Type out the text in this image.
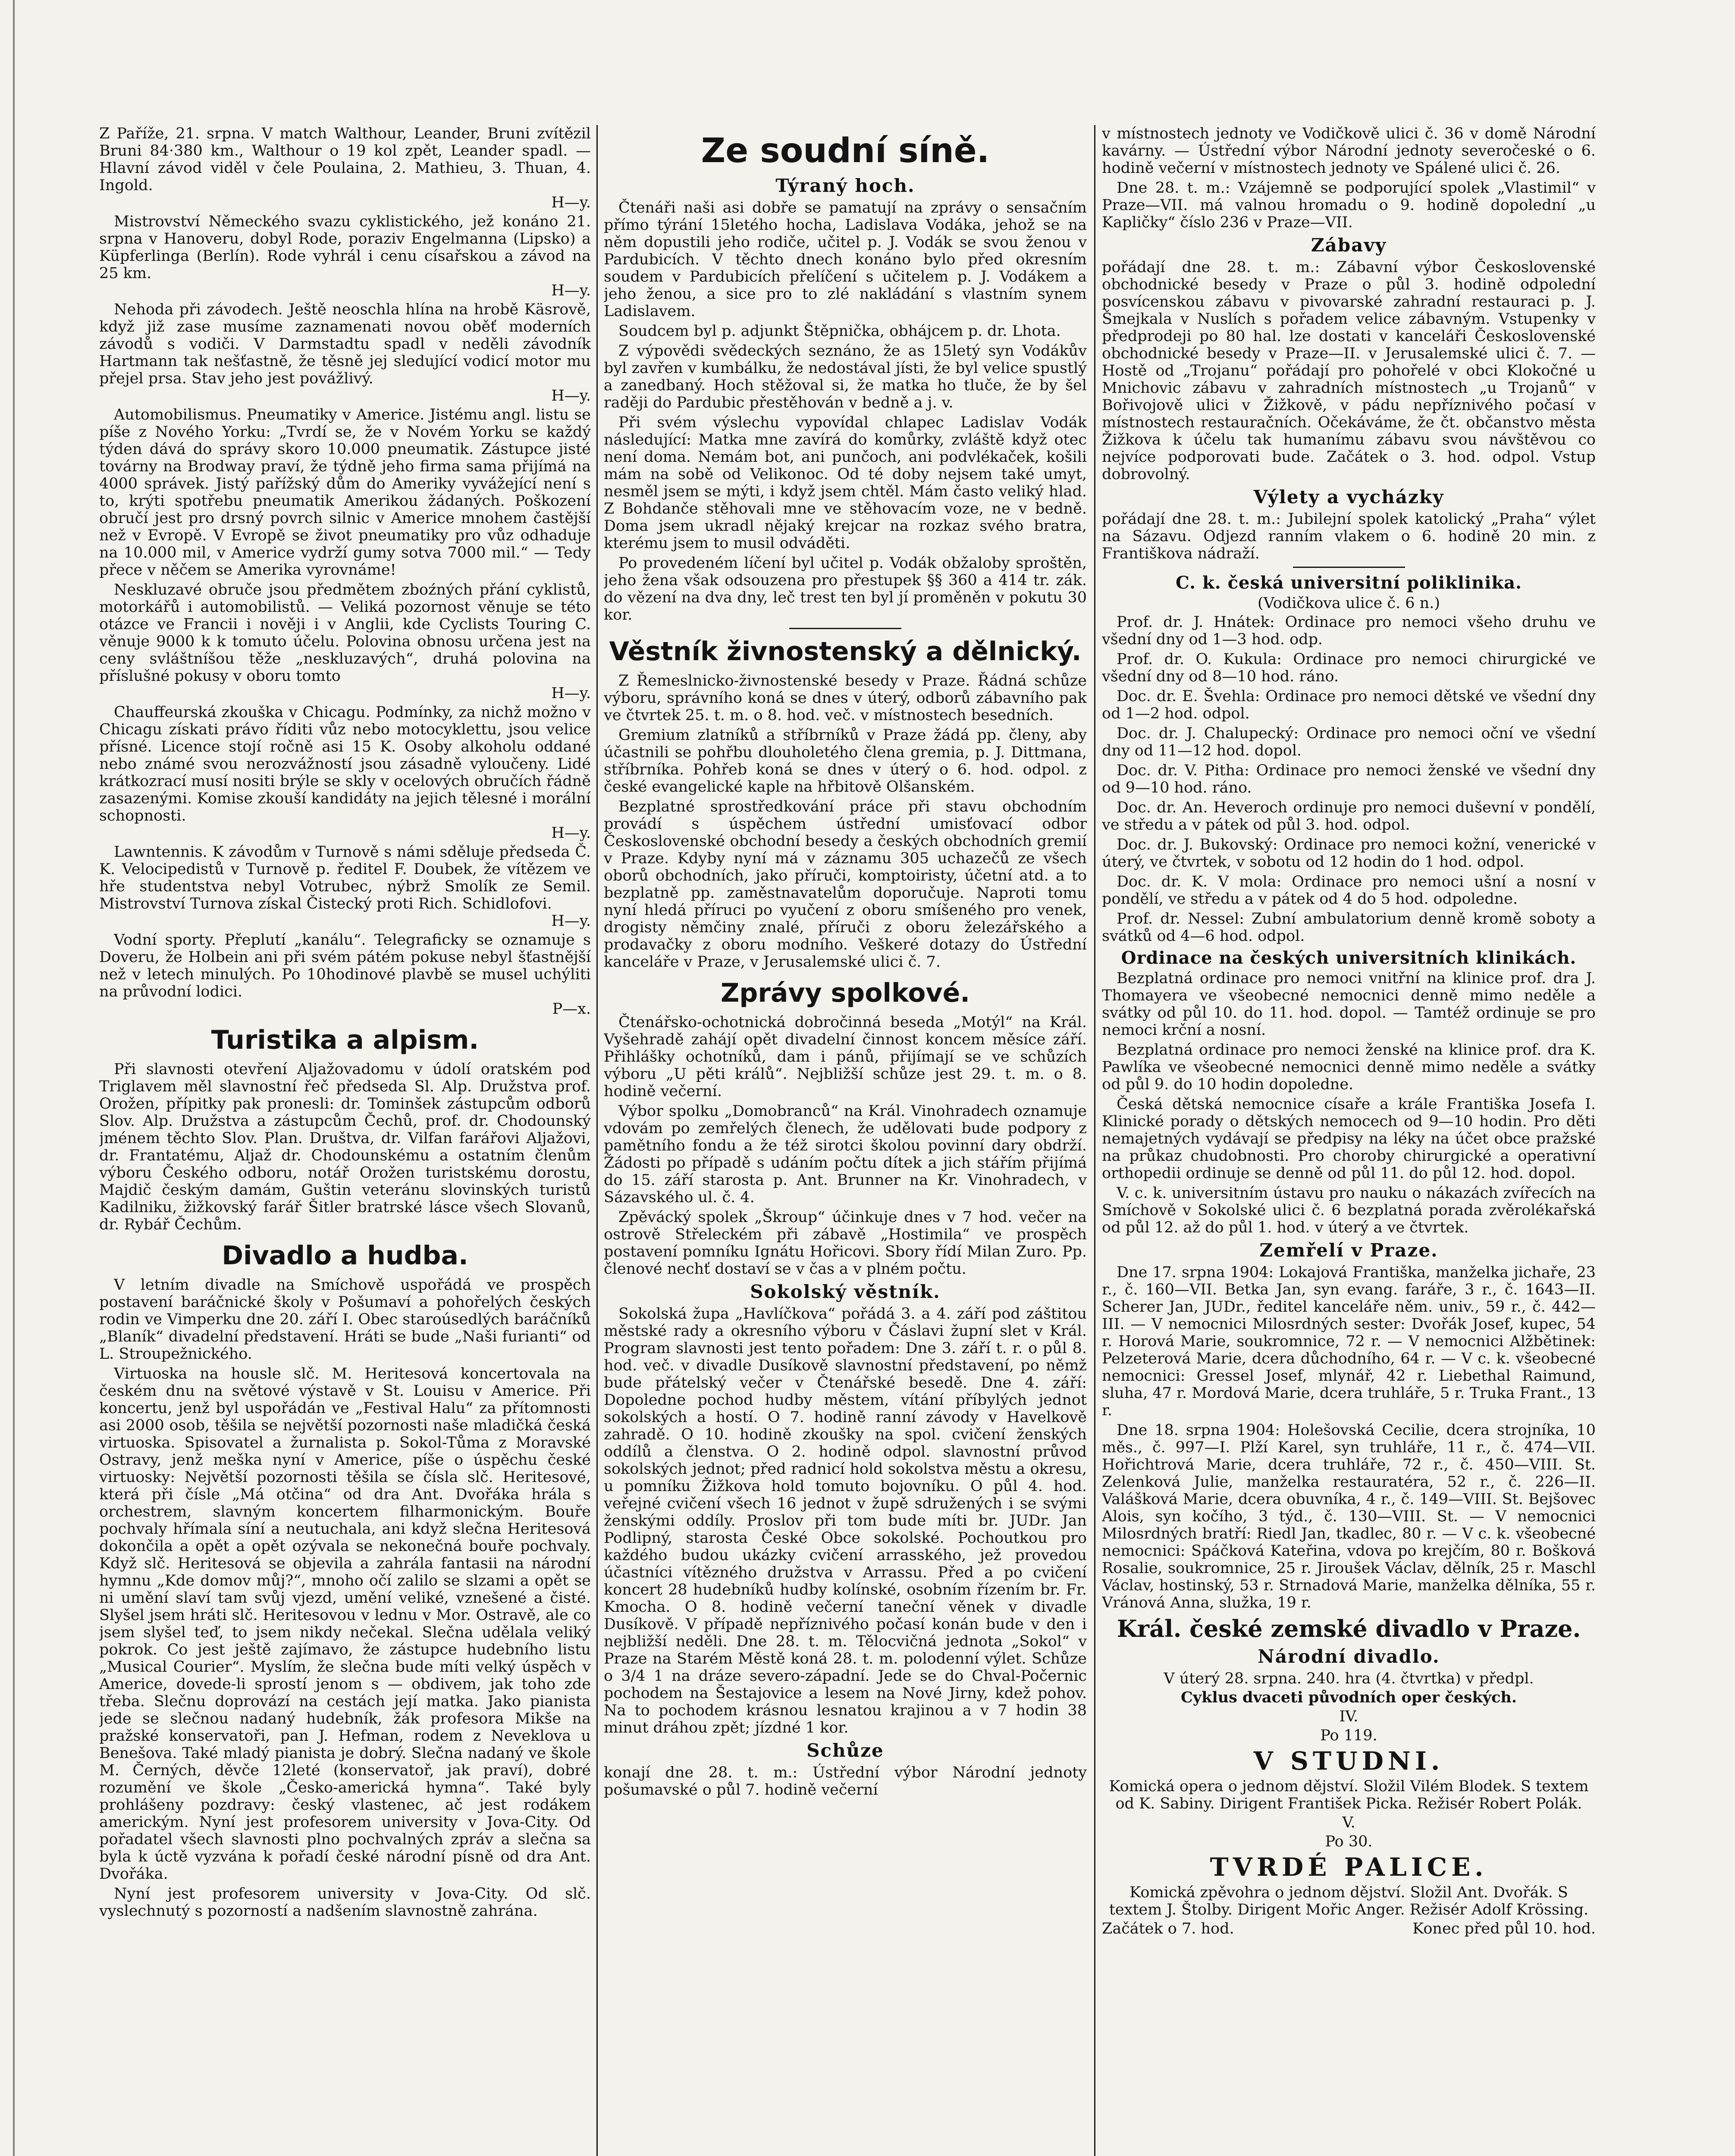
Z Paříže, 21. srpna. V match Walthour, Leander, Bruni zvítězil Bruni 84·380 km., Walthour o 19 kol zpět, Leander spadl. — Hlavní závod viděl v čele Poulaina, 2. Mathieu, 3. Thuan, 4. Ingold.

H—y.

Mistrovství Německého svazu cyklistického, jež konáno 21. srpna v Hanoveru, dobyl Rode, poraziv Engelmanna (Lipsko) a Küpferlinga (Berlín). Rode vyhrál i cenu císařskou a závod na 25 km.

H—y.

Nehoda při závodech. Ještě neoschla hlína na hrobě Käsrově, když již zase musíme zaznamenati novou oběť moderních závodů s vodiči. V Darmstadtu spadl v neděli závodník Hartmann tak nešťastně, že těsně jej sledující vodicí motor mu přejel prsa. Stav jeho jest povážlivý.

H—y.

Automobilismus. Pneumatiky v Americe. Jistému angl. listu se píše z Nového Yorku: „Tvrdí se, že v Novém Yorku se každý týden dává do správy skoro 10.000 pneumatik. Zástupce jisté továrny na Brodway praví, že týdně jeho firma sama přijímá na 4000 správek. Jistý pařížský dům do Ameriky vyvážející není s to, krýti spotřebu pneumatik Amerikou žádaných. Poškození obručí jest pro drsný povrch silnic v Americe mnohem častější než v Evropě. V Evropě se život pneumatiky pro vůz odhaduje na 10.000 mil, v Americe vydrží gumy sotva 7000 mil.“ — Tedy přece v něčem se Amerika vyrovnáme!

Neskluzavé obruče jsou předmětem zboźných přání cyklistů, motorkářů i automobilistů. — Veliká pozornost věnuje se této otázce ve Francii i nověji i v Anglii, kde Cyclists Touring C. věnuje 9000 k k tomuto účelu. Polovina obnosu určena jest na ceny svláštníšou těže „neskluzavých“, druhá polovina na příslušné pokusy v oboru tomto

H—y.

Chauffeurská zkouška v Chicagu. Podmínky, za nichž možno v Chicagu získati právo říditi vůz nebo motocyklettu, jsou velice přísné. Licence stojí ročně asi 15 K. Osoby alkoholu oddané nebo známé svou nerozvážností jsou zásadně vyloučeny. Lidé krátkozrací musí nositi brýle se skly v ocelových obručích řádně zasazenými. Komise zkouší kandidáty na jejich tělesné i morální schopnosti.

H—y.

Lawntennis. K závodům v Turnově s námi sděluje předseda Č. K. Velocipedistů v Turnově p. ředitel F. Doubek, že vítězem ve hře studentstva nebyl Votrubec, nýbrž Smolík ze Semil. Mistrovství Turnova získal Čistecký proti Rich. Schidlofovi.

H—y.

Vodní sporty. Přeplutí „kanálu“. Telegraficky se oznamuje s Doveru, že Holbein ani při svém pátém pokuse nebyl šťastnější než v letech minulých. Po 10hodinové plavbě se musel uchýliti na průvodní lodici.

P—x.

Turistika a alpism.

Při slavnosti otevření Aljažovadomu v údolí oratském pod Triglavem měl slavnostní řeč předseda Sl. Alp. Družstva prof. Orožen, přípitky pak pronesli: dr. Tominšek zástupcům odborů Slov. Alp. Družstva a zástupcům Čechů, prof. dr. Chodounský jménem těchto Slov. Plan. Društva, dr. Vilfan farářovi Aljažovi, dr. Frantatému, Aljaž dr. Chodounskému a ostatním členům výboru Českého odboru, notář Orožen turistskému dorostu, Majdič českým damám, Guštin veteránu slovinských turistů Kadilniku, žižkovský farář Šitler bratrské lásce všech Slovanů, dr. Rybář Čechům.

Divadlo a hudba.

V letním divadle na Smíchově uspořádá ve prospěch postavení baráčnické školy v Pošumaví a pohořelých českých rodin ve Vimperku dne 20. září I. Obec staroúsedlých baráčníků „Blaník“ divadelní představení. Hráti se bude „Naši furianti“ od L. Stroupežnického.

Virtuoska na housle slč. M. Heritesová koncertovala na českém dnu na světové výstavě v St. Louisu v Americe. Při koncertu, jenž byl uspořádán ve „Festival Halu“ za přítomnosti asi 2000 osob, těšila se největší pozornosti naše mladičká česká virtuoska. Spisovatel a žurnalista p. Sokol-Tůma z Moravské Ostravy, jenž meška nyní v Americe, píše o úspěchu české virtuosky: Největší pozornosti těšila se čísla slč. Heritesové, která při čísle „Má otčina“ od dra Ant. Dvořáka hrála s orchestrem, slavným koncertem filharmonickým. Bouře pochvaly hřímala síní a neutuchala, ani když slečna Heritesová dokončila a opět a opět ozývala se nekonečná bouře pochvaly. Když slč. Heritesová se objevila a zahrála fantasii na národní hymnu „Kde domov můj?“, mnoho očí zalilo se slzami a opět se ni umění slaví tam svůj vjezd, umění veliké, vznešené a čisté. Slyšel jsem hráti slč. Heritesovou v lednu v Mor. Ostravě, ale co jsem slyšel teď, to jsem nikdy nečekal. Slečna udělala veliký pokrok. Co jest ještě zajímavo, že zástupce hudebního listu „Musical Courier“. Myslím, že slečna bude míti velký úspěch v Americe, dovede-li sprostí jenom s — obdivem, jak toho zde třeba. Slečnu doprovází na cestách její matka. Jako pianista jede se slečnou nadaný hudebník, žák profesora Mikše na pražské konservatoři, pan J. Hefman, rodem z Neveklova u Benešova. Také mladý pianista je dobrý. Slečna nadaný ve škole M. Černých, děvče 12leté (konservatoř, jak praví), dobré rozumění ve škole „Česko-americká hymna“. Také byly prohlášeny pozdravy: český vlastenec, ač jest rodákem americkým. Nyní jest profesorem university v Jova-City. Od pořadatel všech slavnosti plno pochvalných zpráv a slečna sa byla k úctě vyzvána k pořadí české národní písně od dra Ant. Dvořáka.

Nyní jest profesorem university v Jova-City. Od slč. vyslechnutý s pozorností a nadšením slavnostně zahrána.

Ze soudní síně.
Týraný hoch.

Čtenáři naši asi dobře se pamatují na zprávy o sensačním přímo týrání 15letého hocha, Ladislava Vodáka, jehož se na něm dopustili jeho rodiče, učitel p. J. Vodák se svou ženou v Pardubicích. V těchto dnech konáno bylo před okresním soudem v Pardubicích přelíčení s učitelem p. J. Vodákem a jeho ženou, a sice pro to zlé nakládání s vlastním synem Ladislavem.

Soudcem byl p. adjunkt Štěpnička, obhájcem p. dr. Lhota.

Z výpovědi svědeckých seznáno, že as 15letý syn Vodákův byl zavřen v kumbálku, že nedostával jísti, že byl velice spustlý a zanedbaný. Hoch stěžoval si, že matka ho tluče, že by šel raději do Pardubic přestěhován v bedně a j. v.

Při svém výslechu vypovídal chlapec Ladislav Vodák následující: Matka mne zavírá do komůrky, zvláště když otec není doma. Nemám bot, ani punčoch, ani podvlékaček, košili mám na sobě od Velikonoc. Od té doby nejsem také umyt, nesměl jsem se mýti, i když jsem chtěl. Mám často veliký hlad. Z Bohdanče stěhovali mne ve stěhovacím voze, ne v bedně. Doma jsem ukradl nějaký krejcar na rozkaz svého bratra, kterému jsem to musil odváděti.

Po provedeném líčení byl učitel p. Vodák obžaloby sproštěn, jeho žena však odsouzena pro přestupek §§ 360 a 414 tr. zák. do vězení na dva dny, leč trest ten byl jí proměněn v pokutu 30 kor.

Věstník živnostenský a dělnický.

Z Řemeslnicko-živnostenské besedy v Praze. Řádná schůze výboru, správního koná se dnes v úterý, odborů zábavního pak ve čtvrtek 25. t. m. o 8. hod. več. v místnostech besedních.

Gremium zlatníků a stříbrníků v Praze žádá pp. členy, aby účastnili se pohřbu dlouholetého člena gremia, p. J. Dittmana, stříbrníka. Pohřeb koná se dnes v úterý o 6. hod. odpol. z české evangelické kaple na hřbitově Olšanském.

Bezplatné sprostředkování práce při stavu obchodním provádí s úspěchem ústřední umisťovací odbor Československé obchodní besedy a českých obchodních gremií v Praze. Kdyby nyní má v záznamu 305 uchazečů ze všech oborů obchodních, jako příruči, komptoiristy, účetní atd. a to bezplatně pp. zaměstnavatelům doporučuje. Naproti tomu nyní hledá příruci po vyučení z oboru smíšeného pro venek, drogisty němčiny znalé, příruči z oboru železářského a prodavačky z oboru modního. Veškeré dotazy do Ústřední kanceláře v Praze, v Jerusalemské ulici č. 7.

Zprávy spolkové.

Čtenářsko-ochotnická dobročinná beseda „Motýl“ na Král. Vyšehradě zahájí opět divadelní činnost koncem měsíce září. Přihlášky ochotníků, dam i pánů, přijímají se ve schůzích výboru „U pěti králů“. Nejbližší schůze jest 29. t. m. o 8. hodině večerní.

Výbor spolku „Domobranců“ na Král. Vinohradech oznamuje vdovám po zemřelých členech, že udělovati bude podpory z pamětního fondu a že též sirotci školou povinní dary obdrží. Žádosti po případě s udáním počtu dítek a jich stářím přijímá do 15. září starosta p. Ant. Brunner na Kr. Vinohradech, v Sázavského ul. č. 4.

Zpěvácký spolek „Škroup“ účinkuje dnes v 7 hod. večer na ostrově Střeleckém při zábavě „Hostimila“ ve prospěch postavení pomníku Ignátu Hořicovi. Sbory řídí Milan Zuro. Pp. členové nechť dostaví se v čas a v plném počtu.

Sokolský věstník.

Sokolská župa „Havlíčkova“ pořádá 3. a 4. září pod záštitou městské rady a okresního výboru v Čáslavi župní slet v Král. Program slavnosti jest tento pořadem: Dne 3. září t. r. o půl 8. hod. več. v divadle Dusíkově slavnostní představení, po němž bude přátelský večer v Čtenářské besedě. Dne 4. září: Dopoledne pochod hudby městem, vítání příbylých jednot sokolských a hostí. O 7. hodině ranní závody v Havelkově zahradě. O 10. hodině zkoušky na spol. cvičení ženských oddílů a členstva. O 2. hodině odpol. slavnostní průvod sokolských jednot; před radnicí hold sokolstva městu a okresu, u pomníku Žižkova hold tomuto bojovníku. O půl 4. hod. veřejné cvičení všech 16 jednot v župě sdružených i se svými ženskými oddíly. Proslov při tom bude míti br. JUDr. Jan Podlipný, starosta České Obce sokolské. Pochoutkou pro každého budou ukázky cvičení arrasského, jež provedou účastníci vítězného družstva v Arrassu. Před a po cvičení koncert 28 hudebníků hudby kolínské, osobním řízením br. Fr. Kmocha. O 8. hodině večerní taneční věnek v divadle Dusíkově. V případě nepříznivého počasí konán bude v den i nejbližší neděli. Dne 28. t. m. Tělocvičná jednota „Sokol“ v Praze na Starém Městě koná 28. t. m. polodenní výlet. Schůze o 3/4 1 na dráze severo-západní. Jede se do Chval-Počernic pochodem na Šestajovice a lesem na Nové Jirny, kdež pohov. Na to pochodem krásnou lesnatou krajinou a v 7 hodin 38 minut dráhou zpět; jízdné 1 kor.

Schůze

konají dne 28. t. m.: Ústřední výbor Národní jednoty pošumavské o půl 7. hodině večerní

v místnostech jednoty ve Vodičkově ulici č. 36 v domě Národní kavárny. — Ústřední výbor Národní jednoty severočeské o 6. hodině večerní v místnostech jednoty ve Spálené ulici č. 26.

Dne 28. t. m.: Vzájemně se podporující spolek „Vlastimil“ v Praze—VII. má valnou hromadu o 9. hodině dopolední „u Kapličky“ číslo 236 v Praze—VII.

Zábavy

pořádají dne 28. t. m.: Zábavní výbor Československé obchodnické besedy v Praze o půl 3. hodině odpolední posvícenskou zábavu v pivovarské zahradní restauraci p. J. Šmejkala v Nuslích s pořadem velice zábavným. Vstupenky v předprodeji po 80 hal. lze dostati v kanceláři Československé obchodnické besedy v Praze—II. v Jerusalemské ulici č. 7. — Hostě od „Trojanu“ pořádají pro pohořelé v obci Klokočné u Mnichovic zábavu v zahradních místnostech „u Trojanů“ v Bořivojově ulici v Žižkově, v pádu nepříznivého počasí v místnostech restauračních. Očekáváme, že čt. občanstvo města Žižkova k účelu tak humanímu zábavu svou návštěvou co nejvíce podporovati bude. Začátek o 3. hod. odpol. Vstup dobrovolný.

Výlety a vycházky

pořádají dne 28. t. m.: Jubilejní spolek katolický „Praha“ výlet na Sázavu. Odjezd ranním vlakem o 6. hodině 20 min. z Františkova nádraží.

C. k. česká universitní poliklinika.

(Vodičkova ulice č. 6 n.)

Prof. dr. J. Hnátek: Ordinace pro nemoci všeho druhu ve všední dny od 1—3 hod. odp.

Prof. dr. O. Kukula: Ordinace pro nemoci chirurgické ve všední dny od 8—10 hod. ráno.

Doc. dr. E. Švehla: Ordinace pro nemoci dětské ve všední dny od 1—2 hod. odpol.

Doc. dr. J. Chalupecký: Ordinace pro nemoci oční ve všední dny od 11—12 hod. dopol.

Doc. dr. V. Pitha: Ordinace pro nemoci ženské ve všední dny od 9—10 hod. ráno.

Doc. dr. An. Heveroch ordinuje pro nemoci duševní v pondělí, ve středu a v pátek od půl 3. hod. odpol.

Doc. dr. J. Bukovský: Ordinace pro nemoci kožní, venerické v úterý, ve čtvrtek, v sobotu od 12 hodin do 1 hod. odpol.

Doc. dr. K. V mola: Ordinace pro nemoci ušní a nosní v pondělí, ve středu a v pátek od 4 do 5 hod. odpoledne.

Prof. dr. Nessel: Zubní ambulatorium denně kromě soboty a svátků od 4—6 hod. odpol.

Ordinace na českých universitních klinikách.

Bezplatná ordinace pro nemoci vnitřní na klinice prof. dra J. Thomayera ve všeobecné nemocnici denně mimo neděle a svátky od půl 10. do 11. hod. dopol. — Tamtéž ordinuje se pro nemoci krční a nosní.

Bezplatná ordinace pro nemoci ženské na klinice prof. dra K. Pawlíka ve všeobecné nemocnici denně mimo neděle a svátky od půl 9. do 10 hodin dopoledne.

Česká dětská nemocnice císaře a krále Františka Josefa I. Klinické porady o dětských nemocech od 9—10 hodin. Pro děti nemajetných vydávají se předpisy na léky na účet obce pražské na průkaz chudobnosti. Pro choroby chirurgické a operativní orthopedii ordinuje se denně od půl 11. do půl 12. hod. dopol.

V. c. k. universitním ústavu pro nauku o nákazách zvířecích na Smíchově v Sokolské ulici č. 6 bezplatná porada zvěrolékařská od půl 12. až do půl 1. hod. v úterý a ve čtvrtek.

Zemřelí v Praze.

Dne 17. srpna 1904: Lokajová Františka, manželka jichaře, 23 r., č. 160—VII. Betka Jan, syn evang. faráře, 3 r., č. 1643—II. Scherer Jan, JUDr., ředitel kanceláře něm. univ., 59 r., č. 442—III. — V nemocnici Milosrdných sester: Dvořák Josef, kupec, 54 r. Horová Marie, soukromnice, 72 r. — V nemocnici Alžbětinek: Pelzeterová Marie, dcera důchodního, 64 r. — V c. k. všeobecné nemocnici: Gressel Josef, mlynář, 42 r. Liebethal Raimund, sluha, 47 r. Mordová Marie, dcera truhláře, 5 r. Truka Frant., 13 r.

Dne 18. srpna 1904: Holešovská Cecilie, dcera strojníka, 10 měs., č. 997—I. Plží Karel, syn truhláře, 11 r., č. 474—VII. Hořichtrová Marie, dcera truhláře, 72 r., č. 450—VIII. St. Zelenková Julie, manželka restauratéra, 52 r., č. 226—II. Valášková Marie, dcera obuvníka, 4 r., č. 149—VIII. St. Bejšovec Alois, syn kočího, 3 týd., č. 130—VIII. St. — V nemocnici Milosrdných bratří: Riedl Jan, tkadlec, 80 r. — V c. k. všeobecné nemocnici: Spáčková Kateřina, vdova po krejčím, 80 r. Bošková Rosalie, soukromnice, 25 r. Jiroušek Václav, dělník, 25 r. Maschl Václav, hostinský, 53 r. Strnadová Marie, manželka dělníka, 55 r. Vránová Anna, služka, 19 r.

Král. české zemské divadlo v Praze.
Národní divadlo.

V úterý 28. srpna. 240. hra (4. čtvrtka) v předpl.

Cyklus dvaceti původních oper českých.

IV.

Po 119.

V STUDNI.

Komická opera o jednom dějství. Složil Vilém Blodek. S textem od K. Sabiny. Dirigent František Picka. Režisér Robert Polák.

V.

Po 30.

TVRDÉ PALICE.

Komická zpěvohra o jednom dějství. Složil Ant. Dvořák. S textem J. Štolby. Dirigent Mořic Anger. Režisér Adolf Krössing.

Začátek o 7. hod.	Konec před půl 10. hod.
